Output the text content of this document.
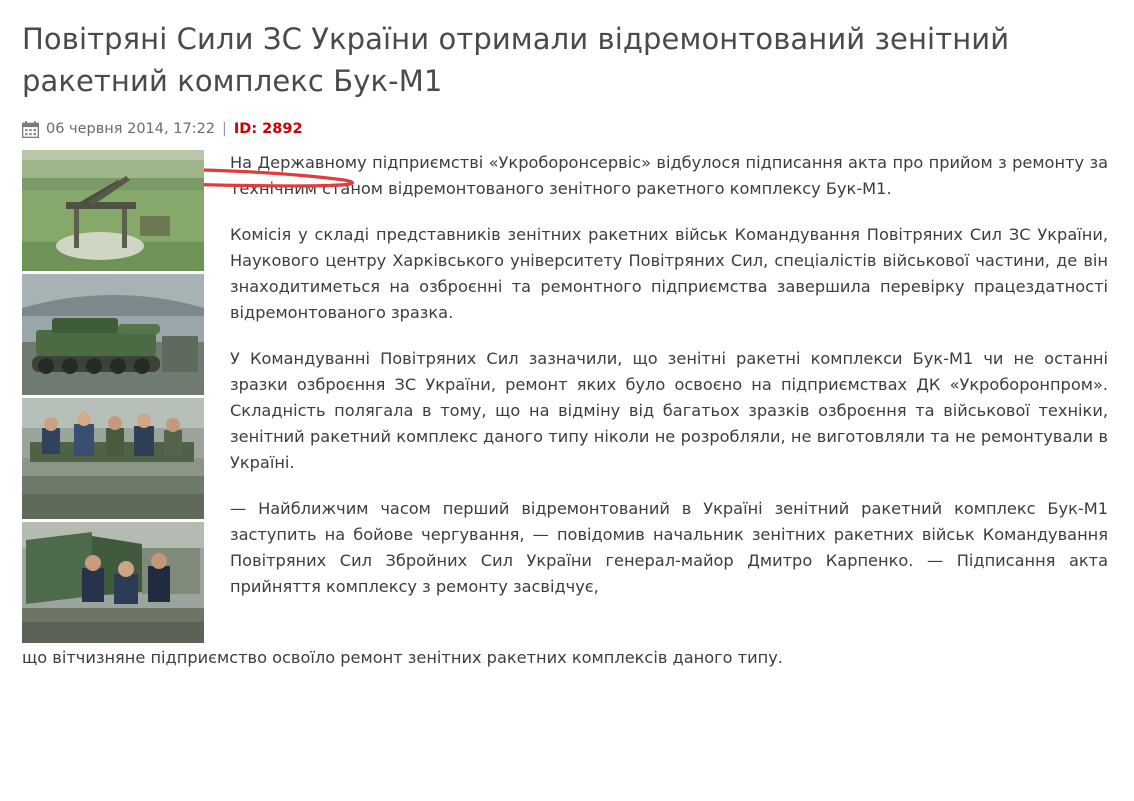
Повітряні Сили ЗС України отримали відремонтований зенітний ракетний комплекс Бук-М1
06 червня 2014, 17:22 | ID: 2892

На Державному підприємстві «Укроборонсервіс» відбулося підписання акта про прийом з ремонту за технічним станом відремонтованого зенітного ракетного комплексу Бук-М1.

Комісія у складі представників зенітних ракетних військ Командування Повітряних Сил ЗС України, Наукового центру Харківського університету Повітряних Сил, спеціалістів військової частини, де він знаходитиметься на озброєнні та ремонтного підприємства завершила перевірку працездатності відремонтованого зразка.

У Командуванні Повітряних Сил зазначили, що зенітні ракетні комплекси Бук-М1 чи не останні зразки озброєння ЗС України, ремонт яких було освоєно на підприємствах ДК «Укроборонпром». Складність полягала в тому, що на відміну від багатьох зразків озброєння та військової техніки, зенітний ракетний комплекс даного типу ніколи не розробляли, не виготовляли та не ремонтували в Україні.

— Найближчим часом перший відремонтований в Україні зенітний ракетний комплекс Бук-М1 заступить на бойове чергування, — повідомив начальник зенітних ракетних військ Командування Повітряних Сил Збройних Сил України генерал-майор Дмитро Карпенко. — Підписання акта прийняття комплексу з ремонту засвідчує,

що вітчизняне підприємство освоїло ремонт зенітних ракетних комплексів даного типу.
